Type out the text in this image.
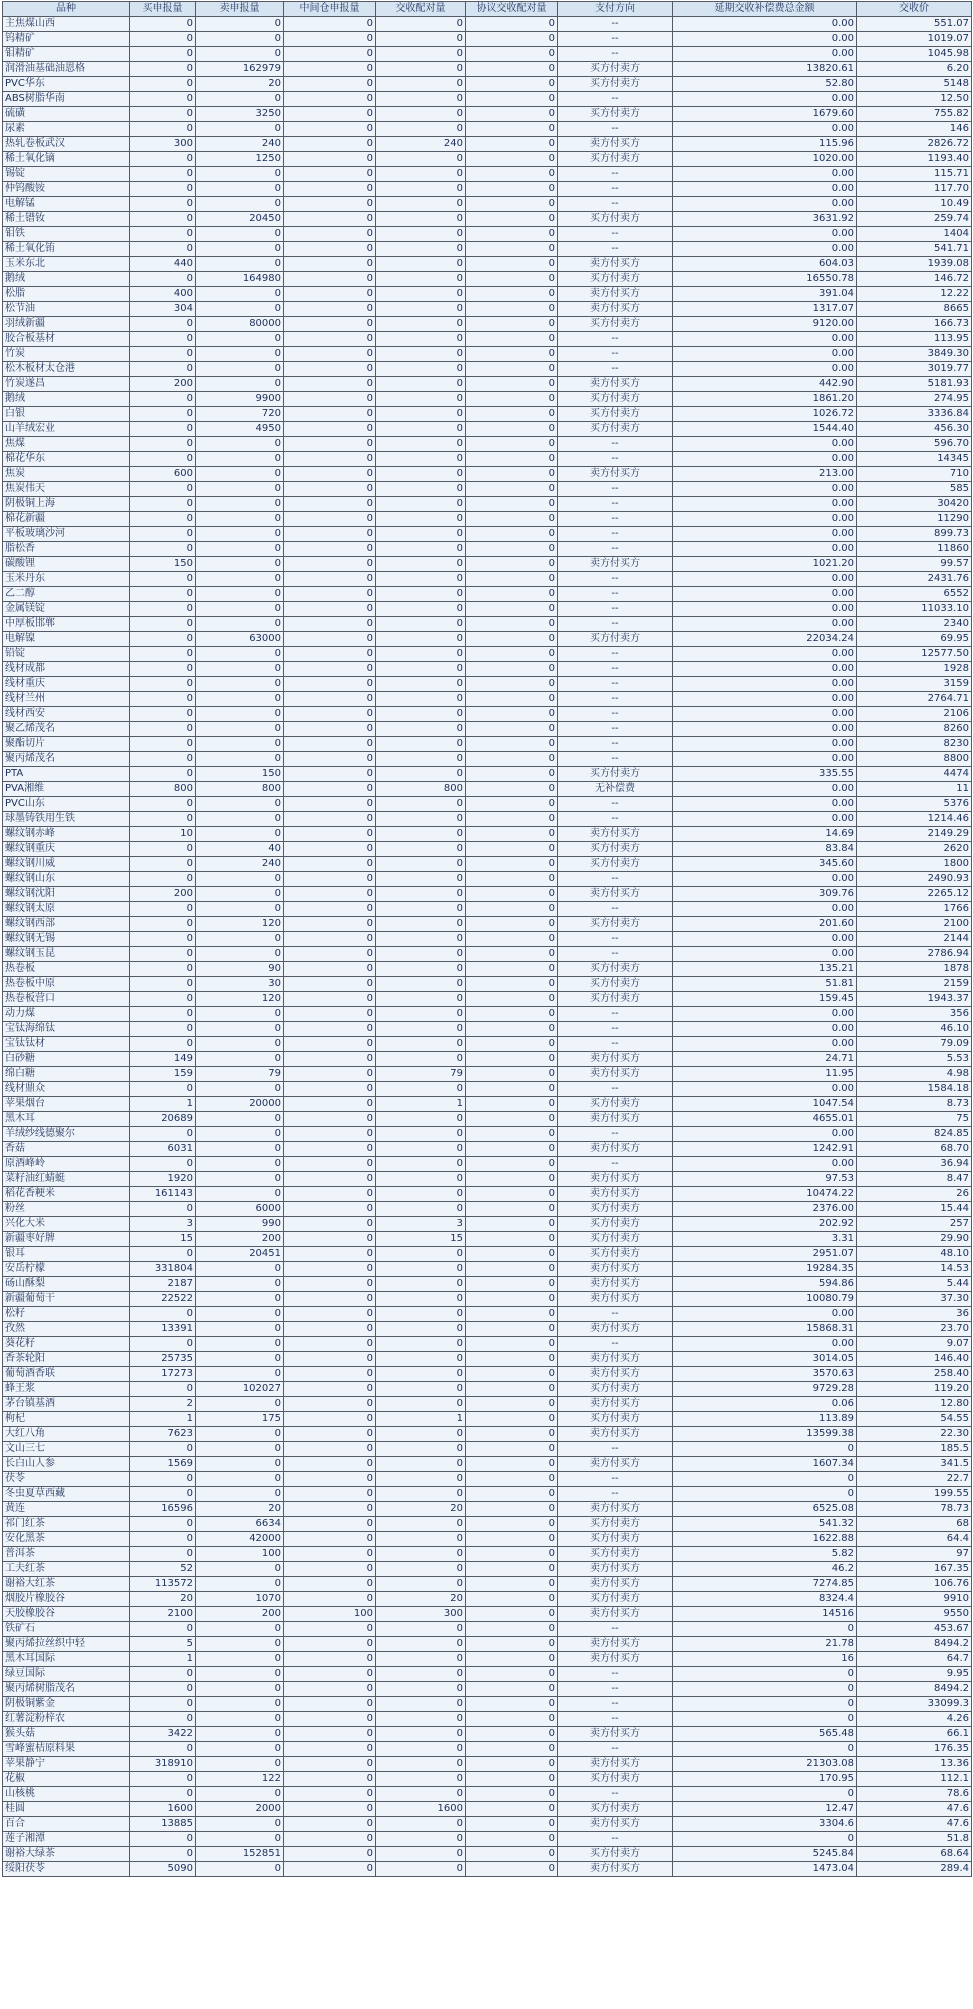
品种	买申报量	卖申报量	中间仓申报量	交收配对量	协议交收配对量	支付方向	延期交收补偿费总金额	交收价
主焦煤山西	0	0	0	0	0	--	0.00	551.07
钨精矿	0	0	0	0	0	--	0.00	1019.07
钼精矿	0	0	0	0	0	--	0.00	1045.98
润滑油基础油恩格	0	162979	0	0	0	买方付卖方	13820.61	6.20
PVC华东	0	20	0	0	0	买方付卖方	52.80	5148
ABS树脂华南	0	0	0	0	0	--	0.00	12.50
硫磺	0	3250	0	0	0	买方付卖方	1679.60	755.82
尿素	0	0	0	0	0	--	0.00	146
热轧卷板武汉	300	240	0	240	0	卖方付买方	115.96	2826.72
稀土氧化镝	0	1250	0	0	0	买方付卖方	1020.00	1193.40
锡锭	0	0	0	0	0	--	0.00	115.71
仲钨酸铵	0	0	0	0	0	--	0.00	117.70
电解锰	0	0	0	0	0	--	0.00	10.49
稀土镨钕	0	20450	0	0	0	买方付卖方	3631.92	259.74
钼铁	0	0	0	0	0	--	0.00	1404
稀土氧化铕	0	0	0	0	0	--	0.00	541.71
玉米东北	440	0	0	0	0	卖方付买方	604.03	1939.08
鹅绒	0	164980	0	0	0	买方付卖方	16550.78	146.72
松脂	400	0	0	0	0	卖方付买方	391.04	12.22
松节油	304	0	0	0	0	卖方付买方	1317.07	8665
羽绒新疆	0	80000	0	0	0	买方付卖方	9120.00	166.73
胶合板基材	0	0	0	0	0	--	0.00	113.95
竹炭	0	0	0	0	0	--	0.00	3849.30
松木板材太仓港	0	0	0	0	0	--	0.00	3019.77
竹炭遂昌	200	0	0	0	0	卖方付买方	442.90	5181.93
鹅绒	0	9900	0	0	0	买方付卖方	1861.20	274.95
白银	0	720	0	0	0	买方付卖方	1026.72	3336.84
山羊绒宏业	0	4950	0	0	0	买方付卖方	1544.40	456.30
焦煤	0	0	0	0	0	--	0.00	596.70
棉花华东	0	0	0	0	0	--	0.00	14345
焦炭	600	0	0	0	0	卖方付买方	213.00	710
焦炭伟天	0	0	0	0	0	--	0.00	585
阴极铜上海	0	0	0	0	0	--	0.00	30420
棉花新疆	0	0	0	0	0	--	0.00	11290
平板玻璃沙河	0	0	0	0	0	--	0.00	899.73
脂松香	0	0	0	0	0	--	0.00	11860
碳酸锂	150	0	0	0	0	卖方付买方	1021.20	99.57
玉米丹东	0	0	0	0	0	--	0.00	2431.76
乙二醇	0	0	0	0	0	--	0.00	6552
金属镁锭	0	0	0	0	0	--	0.00	11033.10
中厚板邯郸	0	0	0	0	0	--	0.00	2340
电解镍	0	63000	0	0	0	买方付卖方	22034.24	69.95
铅锭	0	0	0	0	0	--	0.00	12577.50
线材成都	0	0	0	0	0	--	0.00	1928
线材重庆	0	0	0	0	0	--	0.00	3159
线材兰州	0	0	0	0	0	--	0.00	2764.71
线材西安	0	0	0	0	0	--	0.00	2106
聚乙烯茂名	0	0	0	0	0	--	0.00	8260
聚酯切片	0	0	0	0	0	--	0.00	8230
聚丙烯茂名	0	0	0	0	0	--	0.00	8800
PTA	0	150	0	0	0	买方付卖方	335.55	4474
PVA湘维	800	800	0	800	0	无补偿费	0.00	11
PVC山东	0	0	0	0	0	--	0.00	5376
球墨铸铁用生铁	0	0	0	0	0	--	0.00	1214.46
螺纹钢赤峰	10	0	0	0	0	卖方付买方	14.69	2149.29
螺纹钢重庆	0	40	0	0	0	买方付卖方	83.84	2620
螺纹钢川威	0	240	0	0	0	买方付卖方	345.60	1800
螺纹钢山东	0	0	0	0	0	--	0.00	2490.93
螺纹钢沈阳	200	0	0	0	0	卖方付买方	309.76	2265.12
螺纹钢太原	0	0	0	0	0	--	0.00	1766
螺纹钢西部	0	120	0	0	0	买方付卖方	201.60	2100
螺纹钢无锡	0	0	0	0	0	--	0.00	2144
螺纹钢玉昆	0	0	0	0	0	--	0.00	2786.94
热卷板	0	90	0	0	0	买方付卖方	135.21	1878
热卷板中原	0	30	0	0	0	买方付卖方	51.81	2159
热卷板营口	0	120	0	0	0	买方付卖方	159.45	1943.37
动力煤	0	0	0	0	0	--	0.00	356
宝钛海绵钛	0	0	0	0	0	--	0.00	46.10
宝钛钛材	0	0	0	0	0	--	0.00	79.09
白砂糖	149	0	0	0	0	卖方付买方	24.71	5.53
绵白糖	159	79	0	79	0	卖方付买方	11.95	4.98
线材鼎众	0	0	0	0	0	--	0.00	1584.18
苹果烟台	1	20000	0	1	0	买方付卖方	1047.54	8.73
黑木耳	20689	0	0	0	0	卖方付买方	4655.01	75
羊绒纱线德聚尔	0	0	0	0	0	--	0.00	824.85
香菇	6031	0	0	0	0	卖方付买方	1242.91	68.70
原酒峰岭	0	0	0	0	0	--	0.00	36.94
菜籽油红蜻蜓	1920	0	0	0	0	卖方付买方	97.53	8.47
稻花香粳米	161143	0	0	0	0	卖方付买方	10474.22	26
粉丝	0	6000	0	0	0	买方付卖方	2376.00	15.44
兴化大米	3	990	0	3	0	买方付卖方	202.92	257
新疆枣好牌	15	200	0	15	0	买方付卖方	3.31	29.90
银耳	0	20451	0	0	0	买方付卖方	2951.07	48.10
安岳柠檬	331804	0	0	0	0	卖方付买方	19284.35	14.53
砀山酥梨	2187	0	0	0	0	卖方付买方	594.86	5.44
新疆葡萄干	22522	0	0	0	0	卖方付买方	10080.79	37.30
松籽	0	0	0	0	0	--	0.00	36
孜然	13391	0	0	0	0	卖方付买方	15868.31	23.70
葵花籽	0	0	0	0	0	--	0.00	9.07
香茶轮阳	25735	0	0	0	0	卖方付买方	3014.05	146.40
葡萄酒香联	17273	0	0	0	0	卖方付买方	3570.63	258.40
蜂王浆	0	102027	0	0	0	买方付卖方	9729.28	119.20
茅台镇基酒	2	0	0	0	0	卖方付买方	0.06	12.80
枸杞	1	175	0	1	0	买方付卖方	113.89	54.55
大红八角	7623	0	0	0	0	卖方付买方	13599.38	22.30
文山三七	0	0	0	0	0	--	0	185.5
长白山人参	1569	0	0	0	0	卖方付买方	1607.34	341.5
茯苓	0	0	0	0	0	--	0	22.7
冬虫夏草西藏	0	0	0	0	0	--	0	199.55
黄连	16596	20	0	20	0	卖方付买方	6525.08	78.73
祁门红茶	0	6634	0	0	0	买方付卖方	541.32	68
安化黑茶	0	42000	0	0	0	买方付卖方	1622.88	64.4
普洱茶	0	100	0	0	0	买方付卖方	5.82	97
工夫红茶	52	0	0	0	0	卖方付买方	46.2	167.35
谢裕大红茶	113572	0	0	0	0	卖方付买方	7274.85	106.76
烟胶片橡胶谷	20	1070	0	20	0	买方付卖方	8324.4	9910
天胶橡胶谷	2100	200	100	300	0	卖方付买方	14516	9550
铁矿石	0	0	0	0	0	--	0	453.67
聚丙烯拉丝织中轻	5	0	0	0	0	卖方付买方	21.78	8494.2
黑木耳国际	1	0	0	0	0	卖方付买方	16	64.7
绿豆国际	0	0	0	0	0	--	0	9.95
聚丙烯树脂茂名	0	0	0	0	0	--	0	8494.2
阴极铜紫金	0	0	0	0	0	--	0	33099.3
红薯淀粉梓农	0	0	0	0	0	--	0	4.26
猴头菇	3422	0	0	0	0	卖方付买方	565.48	66.1
雪峰蜜桔原料果	0	0	0	0	0	--	0	176.35
苹果静宁	318910	0	0	0	0	卖方付买方	21303.08	13.36
花椒	0	122	0	0	0	买方付卖方	170.95	112.1
山核桃	0	0	0	0	0	--	0	78.6
桂圆	1600	2000	0	1600	0	买方付卖方	12.47	47.6
百合	13885	0	0	0	0	卖方付买方	3304.6	47.6
莲子湘潭	0	0	0	0	0	--	0	51.8
谢裕大绿茶	0	152851	0	0	0	买方付卖方	5245.84	68.64
绥阳茯苓	5090	0	0	0	0	卖方付买方	1473.04	289.4
